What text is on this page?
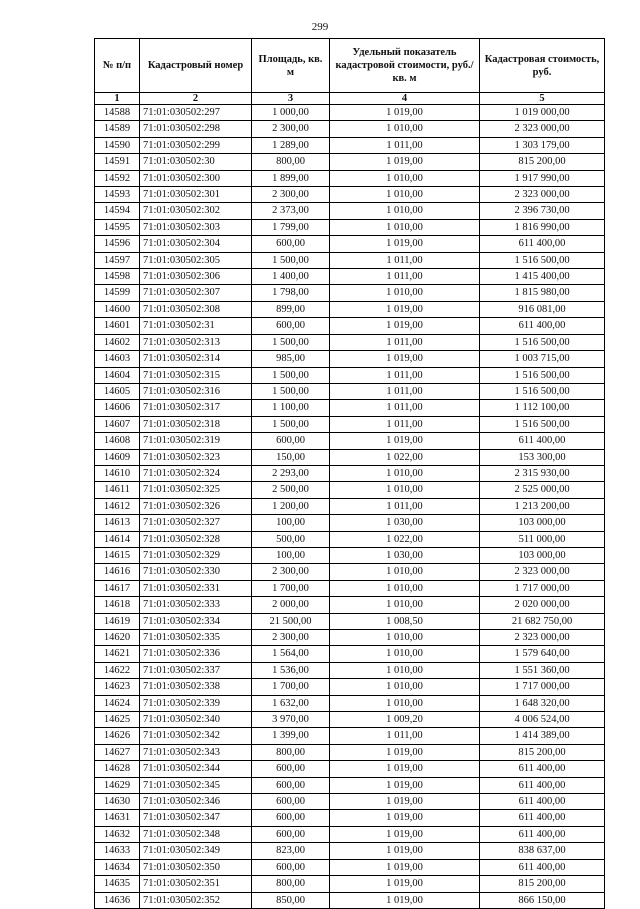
299
№ п/п	Кадастровый номер	Площадь, кв. м	Удельный показатель кадастровой стоимости, руб./кв. м	Кадастровая стоимость, руб.
1	2	3	4	5
14588	71:01:030502:297	1 000,00	1 019,00	1 019 000,00
14589	71:01:030502:298	2 300,00	1 010,00	2 323 000,00
14590	71:01:030502:299	1 289,00	1 011,00	1 303 179,00
14591	71:01:030502:30	800,00	1 019,00	815 200,00
14592	71:01:030502:300	1 899,00	1 010,00	1 917 990,00
14593	71:01:030502:301	2 300,00	1 010,00	2 323 000,00
14594	71:01:030502:302	2 373,00	1 010,00	2 396 730,00
14595	71:01:030502:303	1 799,00	1 010,00	1 816 990,00
14596	71:01:030502:304	600,00	1 019,00	611 400,00
14597	71:01:030502:305	1 500,00	1 011,00	1 516 500,00
14598	71:01:030502:306	1 400,00	1 011,00	1 415 400,00
14599	71:01:030502:307	1 798,00	1 010,00	1 815 980,00
14600	71:01:030502:308	899,00	1 019,00	916 081,00
14601	71:01:030502:31	600,00	1 019,00	611 400,00
14602	71:01:030502:313	1 500,00	1 011,00	1 516 500,00
14603	71:01:030502:314	985,00	1 019,00	1 003 715,00
14604	71:01:030502:315	1 500,00	1 011,00	1 516 500,00
14605	71:01:030502:316	1 500,00	1 011,00	1 516 500,00
14606	71:01:030502:317	1 100,00	1 011,00	1 112 100,00
14607	71:01:030502:318	1 500,00	1 011,00	1 516 500,00
14608	71:01:030502:319	600,00	1 019,00	611 400,00
14609	71:01:030502:323	150,00	1 022,00	153 300,00
14610	71:01:030502:324	2 293,00	1 010,00	2 315 930,00
14611	71:01:030502:325	2 500,00	1 010,00	2 525 000,00
14612	71:01:030502:326	1 200,00	1 011,00	1 213 200,00
14613	71:01:030502:327	100,00	1 030,00	103 000,00
14614	71:01:030502:328	500,00	1 022,00	511 000,00
14615	71:01:030502:329	100,00	1 030,00	103 000,00
14616	71:01:030502:330	2 300,00	1 010,00	2 323 000,00
14617	71:01:030502:331	1 700,00	1 010,00	1 717 000,00
14618	71:01:030502:333	2 000,00	1 010,00	2 020 000,00
14619	71:01:030502:334	21 500,00	1 008,50	21 682 750,00
14620	71:01:030502:335	2 300,00	1 010,00	2 323 000,00
14621	71:01:030502:336	1 564,00	1 010,00	1 579 640,00
14622	71:01:030502:337	1 536,00	1 010,00	1 551 360,00
14623	71:01:030502:338	1 700,00	1 010,00	1 717 000,00
14624	71:01:030502:339	1 632,00	1 010,00	1 648 320,00
14625	71:01:030502:340	3 970,00	1 009,20	4 006 524,00
14626	71:01:030502:342	1 399,00	1 011,00	1 414 389,00
14627	71:01:030502:343	800,00	1 019,00	815 200,00
14628	71:01:030502:344	600,00	1 019,00	611 400,00
14629	71:01:030502:345	600,00	1 019,00	611 400,00
14630	71:01:030502:346	600,00	1 019,00	611 400,00
14631	71:01:030502:347	600,00	1 019,00	611 400,00
14632	71:01:030502:348	600,00	1 019,00	611 400,00
14633	71:01:030502:349	823,00	1 019,00	838 637,00
14634	71:01:030502:350	600,00	1 019,00	611 400,00
14635	71:01:030502:351	800,00	1 019,00	815 200,00
14636	71:01:030502:352	850,00	1 019,00	866 150,00
